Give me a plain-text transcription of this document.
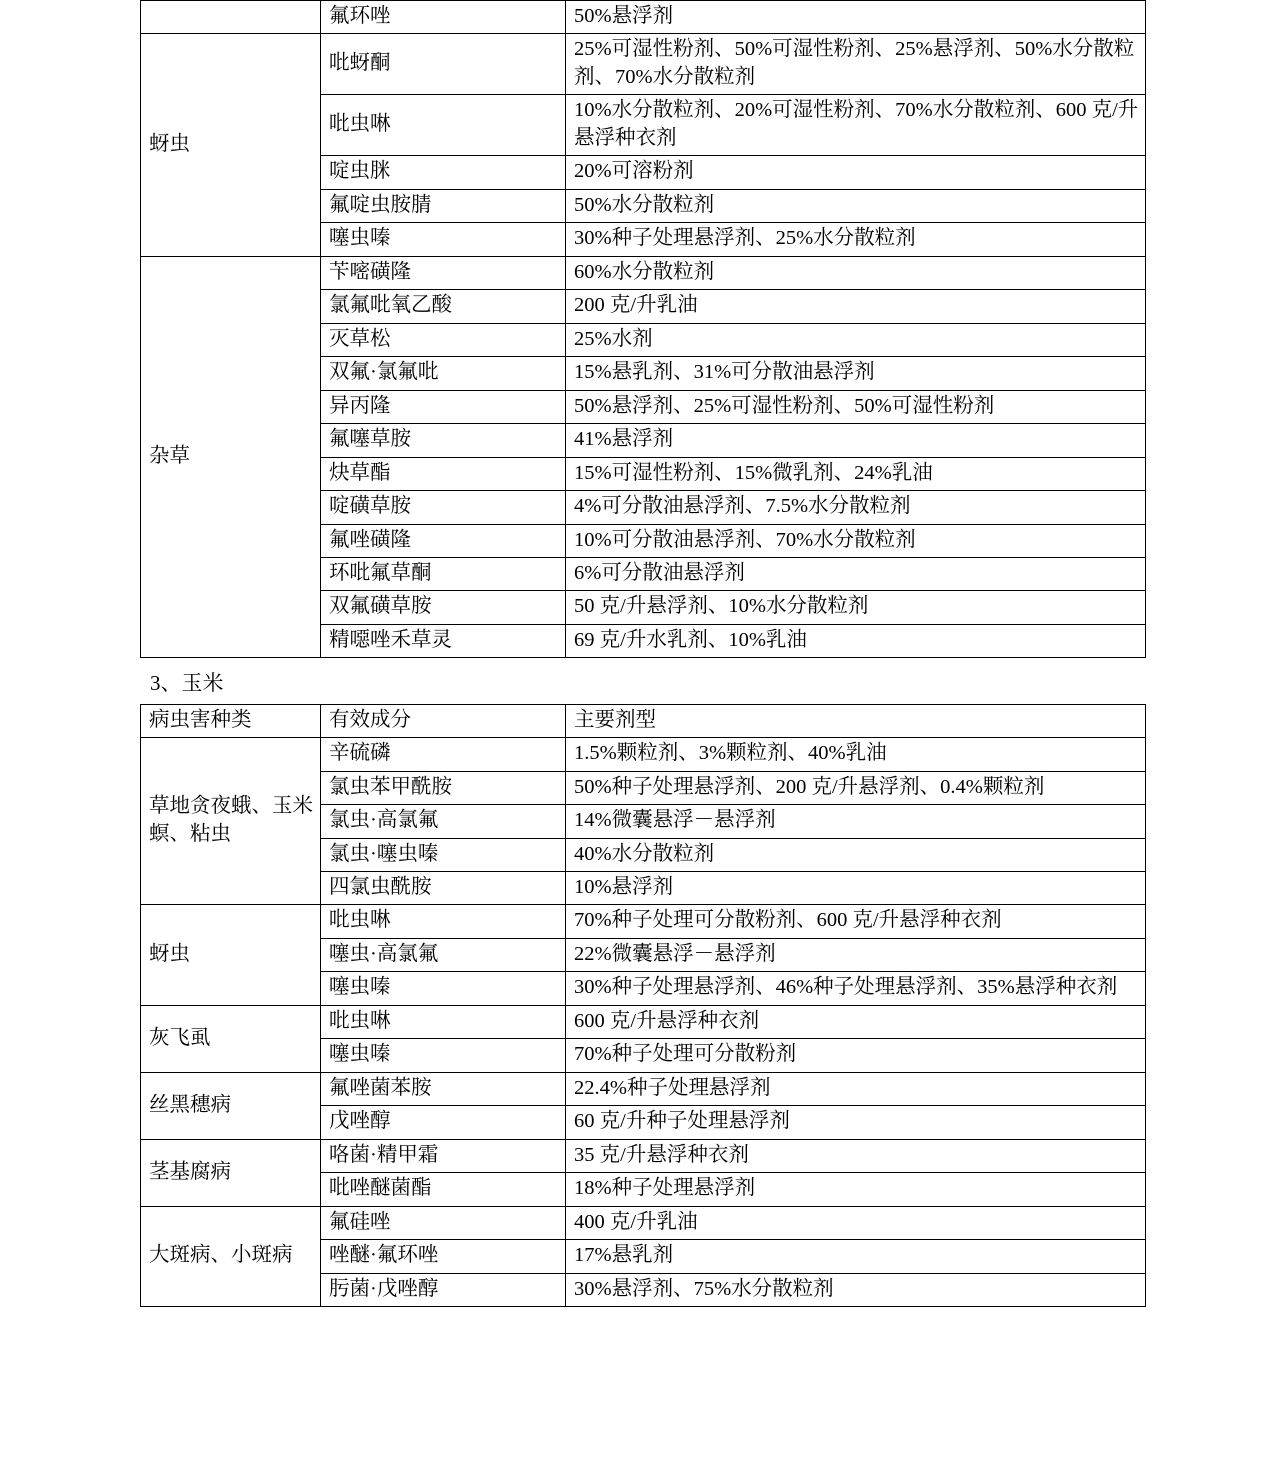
	氟环唑	50%悬浮剂
蚜虫	吡蚜酮	25%可湿性粉剂、50%可湿性粉剂、25%悬浮剂、50%水分散粒剂、70%水分散粒剂
	吡虫啉	10%水分散粒剂、20%可湿性粉剂、70%水分散粒剂、600 克/升悬浮种衣剂
	啶虫脒	20%可溶粉剂
	氟啶虫胺腈	50%水分散粒剂
	噻虫嗪	30%种子处理悬浮剂、25%水分散粒剂
杂草	苄嘧磺隆	60%水分散粒剂
	氯氟吡氧乙酸	200 克/升乳油
	灭草松	25%水剂
	双氟·氯氟吡	15%悬乳剂、31%可分散油悬浮剂
	异丙隆	50%悬浮剂、25%可湿性粉剂、50%可湿性粉剂
	氟噻草胺	41%悬浮剂
	炔草酯	15%可湿性粉剂、15%微乳剂、24%乳油
	啶磺草胺	4%可分散油悬浮剂、7.5%水分散粒剂
	氟唑磺隆	10%可分散油悬浮剂、70%水分散粒剂
	环吡氟草酮	6%可分散油悬浮剂
	双氟磺草胺	50 克/升悬浮剂、10%水分散粒剂
	精噁唑禾草灵	69 克/升水乳剂、10%乳油
3、玉米
病虫害种类	有效成分	主要剂型
草地贪夜蛾、玉米螟、粘虫	辛硫磷	1.5%颗粒剂、3%颗粒剂、40%乳油
	氯虫苯甲酰胺	50%种子处理悬浮剂、200 克/升悬浮剂、0.4%颗粒剂
	氯虫·高氯氟	14%微囊悬浮－悬浮剂
	氯虫·噻虫嗪	40%水分散粒剂
	四氯虫酰胺	10%悬浮剂
蚜虫	吡虫啉	70%种子处理可分散粉剂、600 克/升悬浮种衣剂
	噻虫·高氯氟	22%微囊悬浮－悬浮剂
	噻虫嗪	30%种子处理悬浮剂、46%种子处理悬浮剂、35%悬浮种衣剂
灰飞虱	吡虫啉	600 克/升悬浮种衣剂
	噻虫嗪	70%种子处理可分散粉剂
丝黑穗病	氟唑菌苯胺	22.4%种子处理悬浮剂
	戊唑醇	60 克/升种子处理悬浮剂
茎基腐病	咯菌·精甲霜	35 克/升悬浮种衣剂
	吡唑醚菌酯	18%种子处理悬浮剂
大斑病、小斑病	氟硅唑	400 克/升乳油
	唑醚·氟环唑	17%悬乳剂
	肟菌·戊唑醇	30%悬浮剂、75%水分散粒剂
